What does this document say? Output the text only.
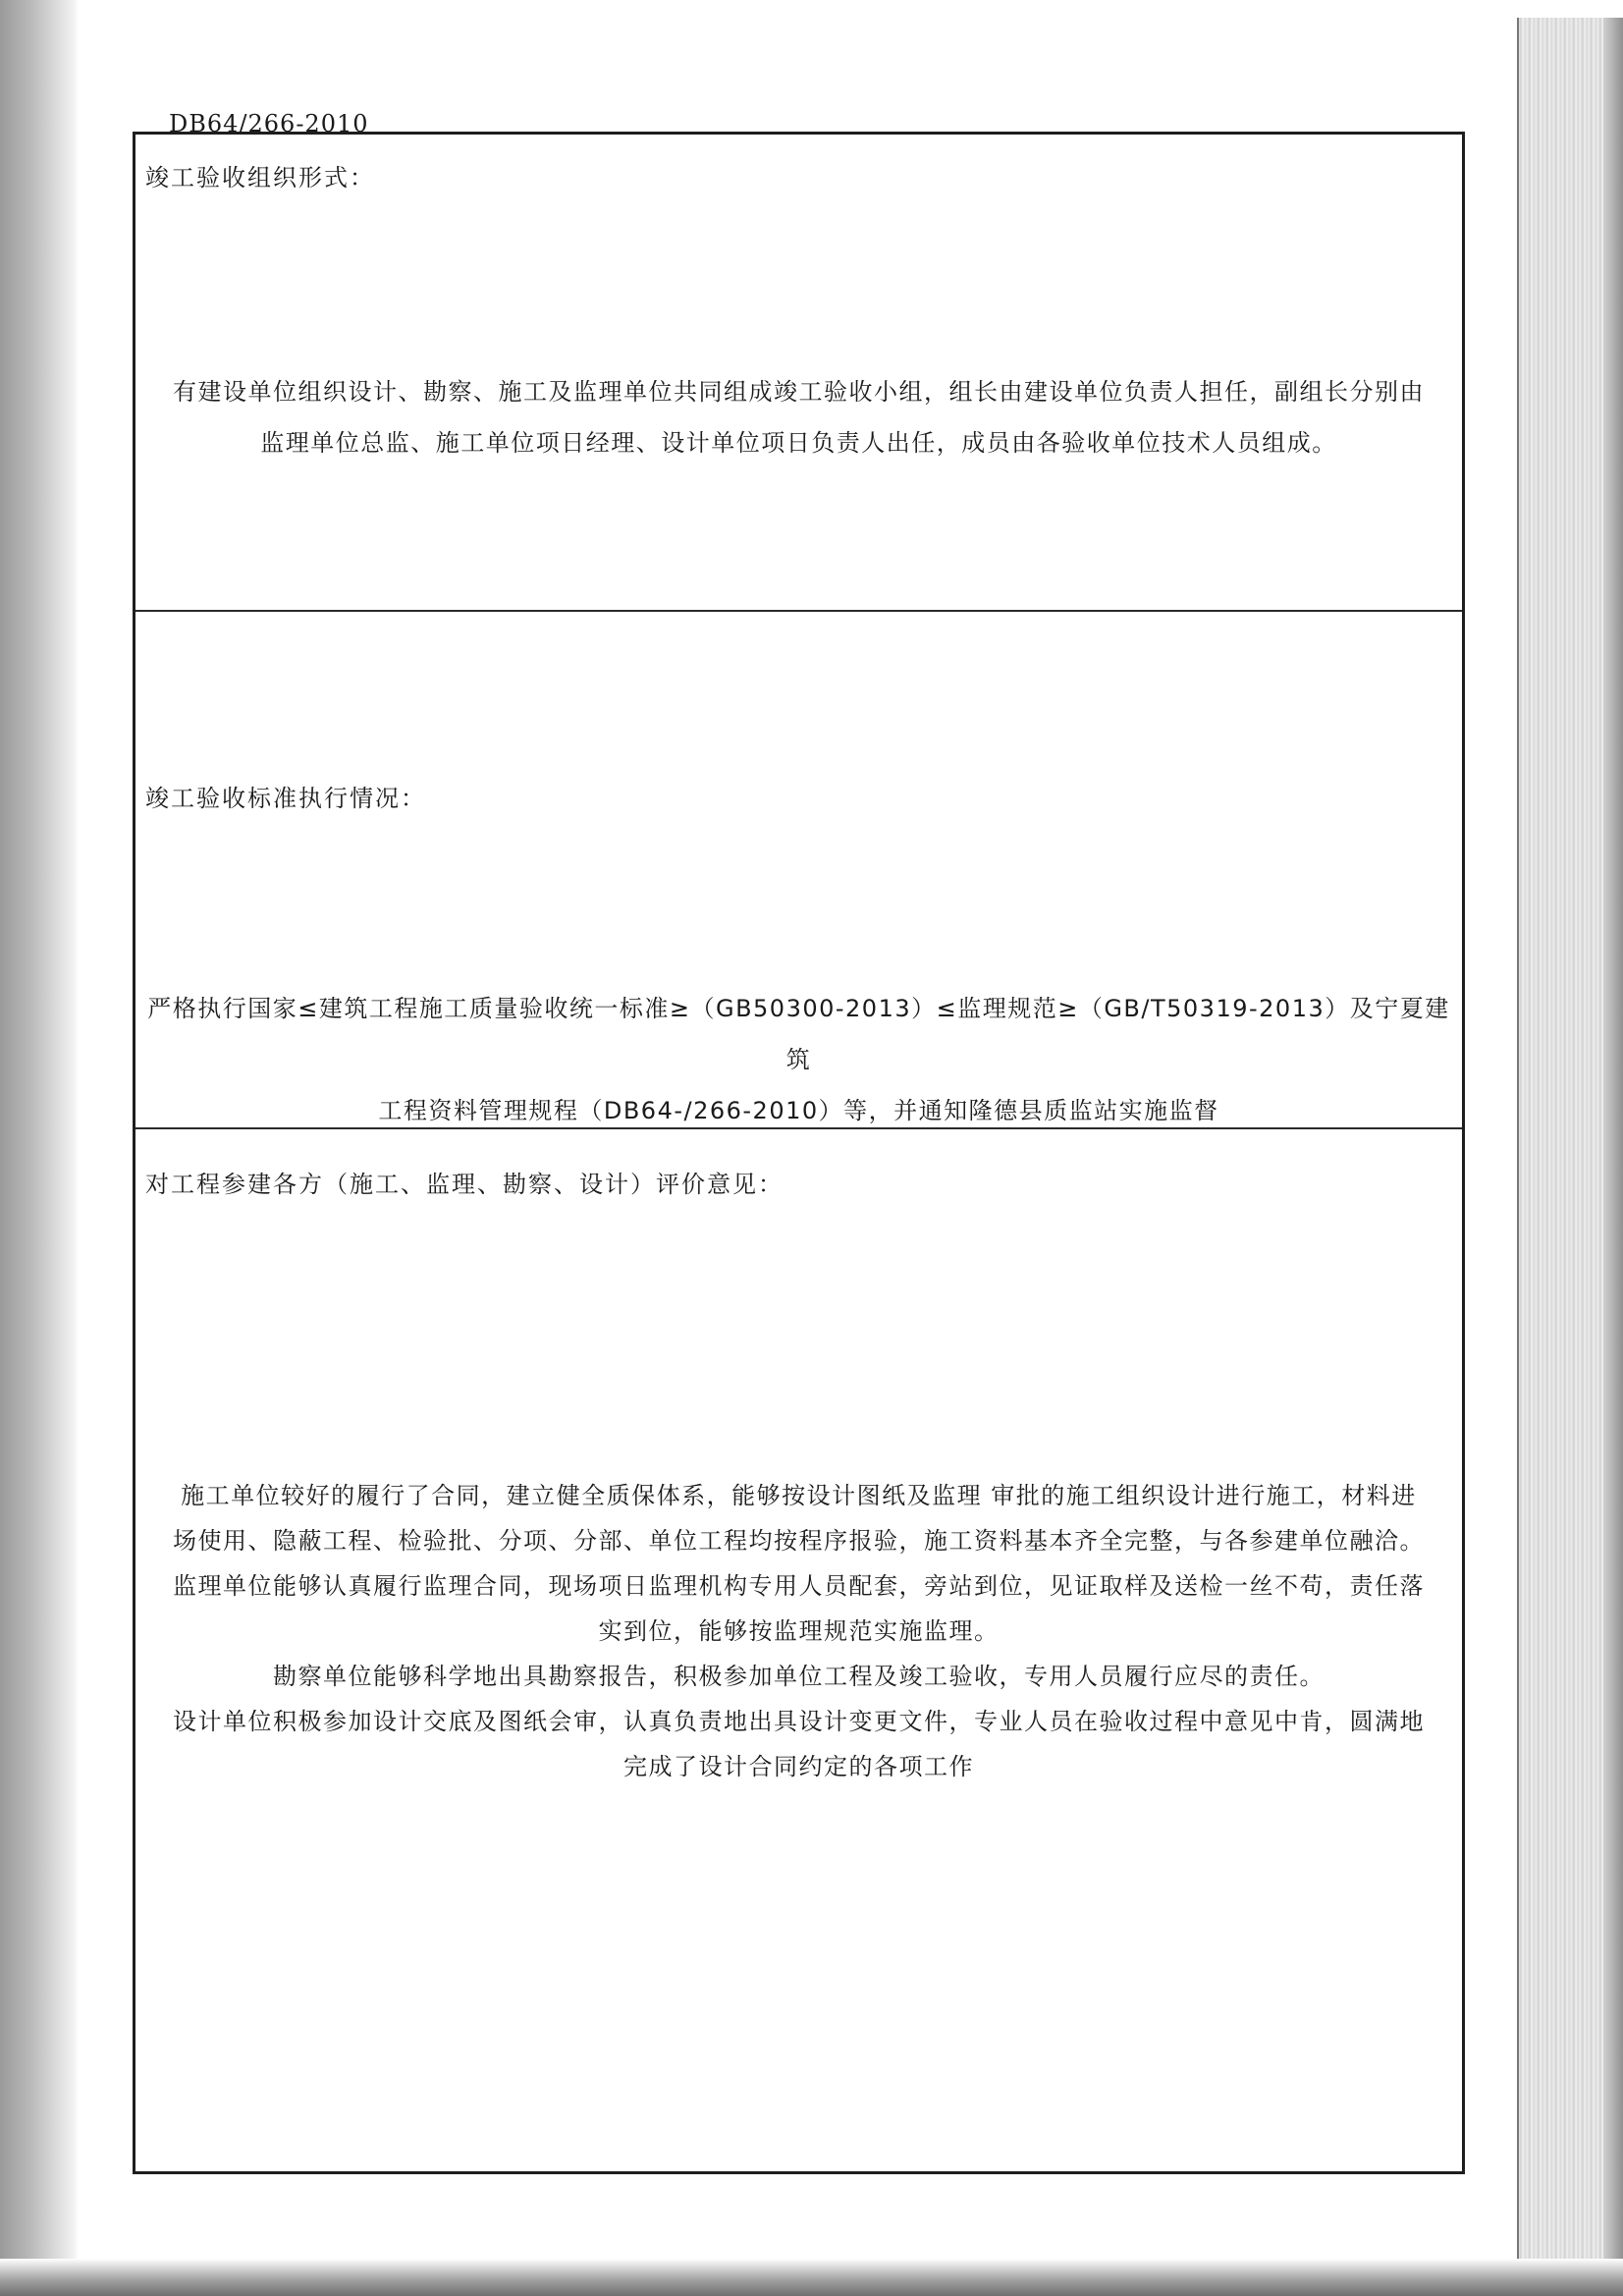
DB64/266-2010
竣工验收组织形式：

有建设单位组织设计、勘察、施工及监理单位共同组成竣工验收小组，组长由建设单位负责人担任，副组长分别由

监理单位总监、施工单位项日经理、设计单位项日负责人出任，成员由各验收单位技术人员组成。

竣工验收标准执行情况：

严格执行国家≤建筑工程施工质量验收统一标准≥（GB50300-2013）≤监理规范≥（GB/T50319-2013）及宁夏建筑

工程资料管理规程（DB64-/266-2010）等，并通知隆德县质监站实施监督

对工程参建各方（施工、监理、勘察、设计）评价意见：

施工单位较好的履行了合同，建立健全质保体系，能够按设计图纸及监理 审批的施工组织设计进行施工，材料进

场使用、隐蔽工程、检验批、分项、分部、单位工程均按程序报验，施工资料基本齐全完整，与各参建单位融洽。

监理单位能够认真履行监理合同，现场项日监理机构专用人员配套，旁站到位，见证取样及送检一丝不苟，责任落

实到位，能够按监理规范实施监理。

勘察单位能够科学地出具勘察报告，积极参加单位工程及竣工验收，专用人员履行应尽的责任。

设计单位积极参加设计交底及图纸会审，认真负责地出具设计变更文件，专业人员在验收过程中意见中肯，圆满地

完成了设计合同约定的各项工作
